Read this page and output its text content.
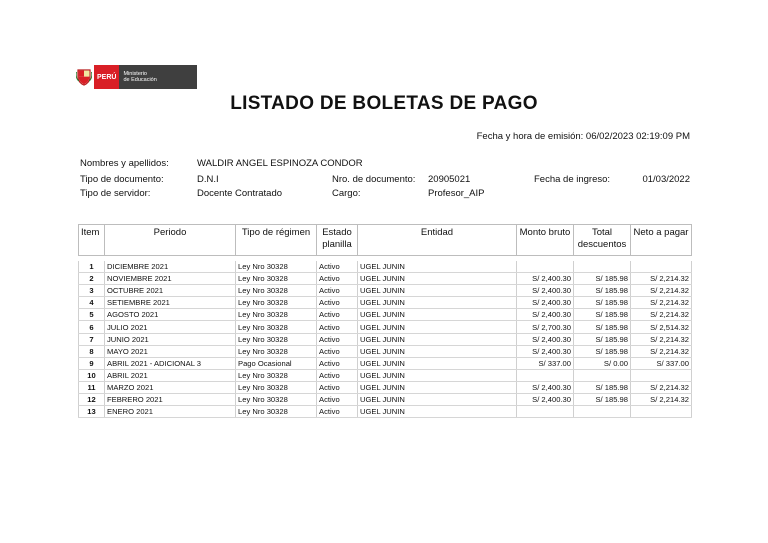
PERÚ	Ministerio
de Educación
LISTADO DE BOLETAS DE PAGO
Fecha y hora de emisión: 06/02/2023 02:19:09 PM
Nombres y apellidos:	WALDIR ANGEL ESPINOZA CONDOR
Tipo de documento:	D.N.I	Nro. de documento: 20905021	Fecha de ingreso:	01/03/2022
Tipo de servidor:	Docente Contratado	Cargo:	Profesor_AIP
Item	Periodo	Tipo de régimen	Estado planilla	Entidad	Monto bruto	Total descuentos	Neto a pagar

1	DICIEMBRE 2021	Ley Nro 30328	Activo	UGEL JUNIN			
2	NOVIEMBRE 2021	Ley Nro 30328	Activo	UGEL JUNIN	S/ 2,400.30	S/ 185.98	S/ 2,214.32
3	OCTUBRE 2021	Ley Nro 30328	Activo	UGEL JUNIN	S/ 2,400.30	S/ 185.98	S/ 2,214.32
4	SETIEMBRE 2021	Ley Nro 30328	Activo	UGEL JUNIN	S/ 2,400.30	S/ 185.98	S/ 2,214.32
5	AGOSTO 2021	Ley Nro 30328	Activo	UGEL JUNIN	S/ 2,400.30	S/ 185.98	S/ 2,214.32
6	JULIO 2021	Ley Nro 30328	Activo	UGEL JUNIN	S/ 2,700.30	S/ 185.98	S/ 2,514.32
7	JUNIO 2021	Ley Nro 30328	Activo	UGEL JUNIN	S/ 2,400.30	S/ 185.98	S/ 2,214.32
8	MAYO 2021	Ley Nro 30328	Activo	UGEL JUNIN	S/ 2,400.30	S/ 185.98	S/ 2,214.32
9	ABRIL 2021 - ADICIONAL 3	Pago Ocasional	Activo	UGEL JUNIN	S/ 337.00	S/ 0.00	S/ 337.00
10	ABRIL 2021	Ley Nro 30328	Activo	UGEL JUNIN			
11	MARZO 2021	Ley Nro 30328	Activo	UGEL JUNIN	S/ 2,400.30	S/ 185.98	S/ 2,214.32
12	FEBRERO 2021	Ley Nro 30328	Activo	UGEL JUNIN	S/ 2,400.30	S/ 185.98	S/ 2,214.32
13	ENERO 2021	Ley Nro 30328	Activo	UGEL JUNIN			
